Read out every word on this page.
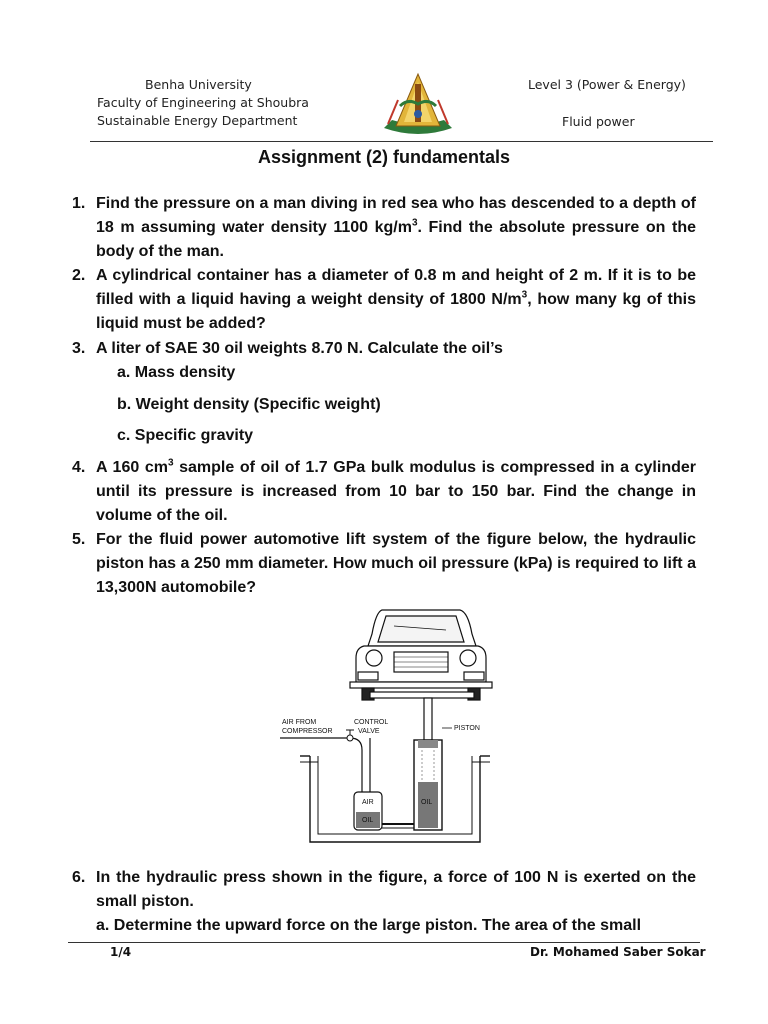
Benha University
Faculty of Engineering at Shoubra
Sustainable Energy Department
Level 3 (Power & Energy)
Fluid power
Assignment (2) fundamentals
1. Find the pressure on a man diving in red sea who has descended to a depth of 18 m assuming water density 1100 $kg/m^3$. Find the absolute pressure on the body of the man.
2. A cylindrical container has a diameter of 0.8 m and height of 2 m. If it is to be filled with a liquid having a weight density of 1800 $N/m^3$, how many kg of this liquid must be added?
3. A liter of SAE 30 oil weights 8.70 N. Calculate the oil’s
a. Mass density
b. Weight density (Specific weight)
c. Specific gravity
4. A 160 $cm^3$ sample of oil of 1.7 GPa bulk modulus is compressed in a cylinder until its pressure is increased from 10 bar to 150 bar. Find the change in volume of the oil.
5. For the fluid power automotive lift system of the figure below, the hydraulic piston has a 250 mm diameter. How much oil pressure (kPa) is required to lift a 13,300N automobile?
AIR FROM
COMPRESSOR
CONTROL
VALVE	PISTON
AIR	OIL
OIL
6. In the hydraulic press shown in the figure, a force of 100 N is exerted on the small piston.
a. Determine the upward force on the large piston. The area of the small
1/4	Dr. Mohamed Saber Sokar
